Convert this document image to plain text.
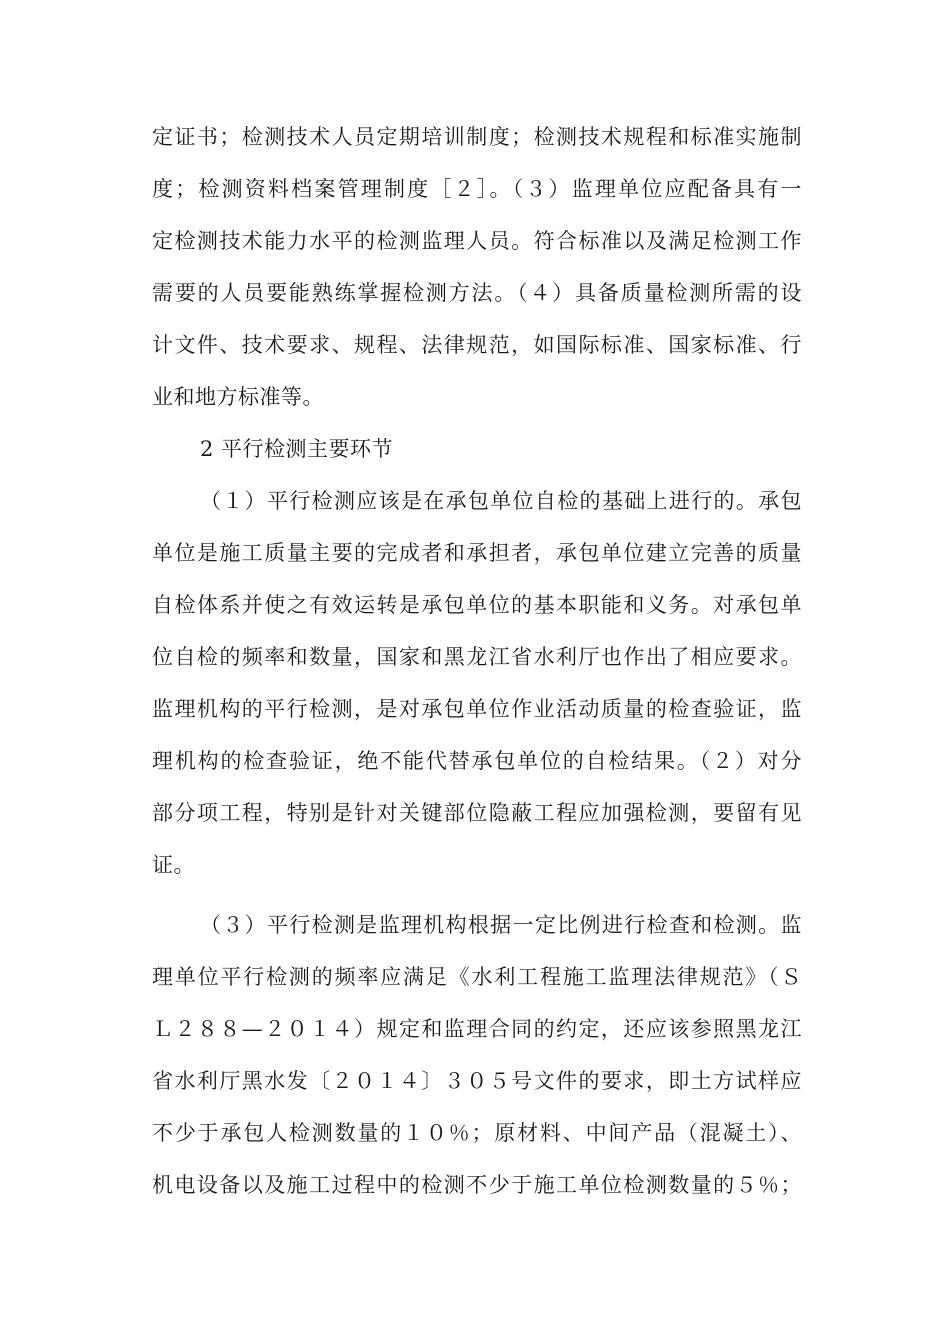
定证书；检测技术人员定期培训制度；检测技术规程和标准实施制
度；检测资料档案管理制度［２］。（３）监理单位应配备具有一
定检测技术能力水平的检测监理人员。符合标准以及满足检测工作
需要的人员要能熟练掌握检测方法。（４）具备质量检测所需的设
计文件、技术要求、规程、法律规范，如国际标准、国家标准、行
业和地方标准等。
2 平行检测主要环节
（１）平行检测应该是在承包单位自检的基础上进行的。承包
单位是施工质量主要的完成者和承担者，承包单位建立完善的质量
自检体系并使之有效运转是承包单位的基本职能和义务。对承包单
位自检的频率和数量，国家和黑龙江省水利厅也作出了相应要求。
监理机构的平行检测，是对承包单位作业活动质量的检查验证，监
理机构的检查验证，绝不能代替承包单位的自检结果。（２）对分
部分项工程，特别是针对关键部位隐蔽工程应加强检测，要留有见
证。
（３）平行检测是监理机构根据一定比例进行检查和检测。监
理单位平行检测的频率应满足《水利工程施工监理法律规范》（Ｓ
Ｌ２８８—２０１４）规定和监理合同的约定，还应该参照黑龙江
省水利厅黑水发〔２０１４〕３０５号文件的要求，即土方试样应
不少于承包人检测数量的１０％；原材料、中间产品（混凝土）、
机电设备以及施工过程中的检测不少于施工单位检测数量的５％；
